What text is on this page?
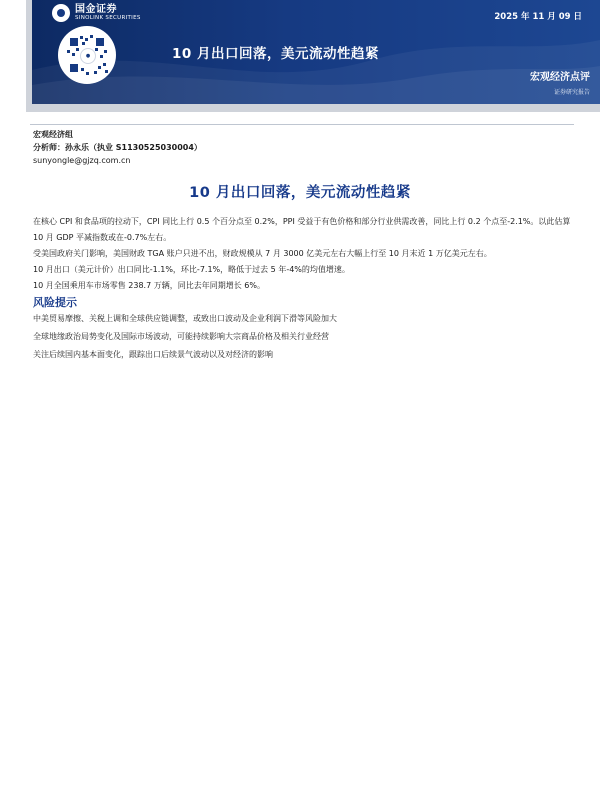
国金证券
SINOLINK SECURITIES	2025 年 11 月 09 日
●	10 月出口回落，美元流动性趋紧
宏观经济点评
证券研究报告
宏观经济组
分析师：孙永乐（执业 S1130525030004）
sunyongle@gjzq.com.cn
10 月出口回落，美元流动性趋紧

在核心 CPI 和食品项的拉动下，CPI 同比上行 0.5 个百分点至 0.2%，PPI 受益于有色价格和部分行业供需改善，同比上行 0.2 个点至-2.1%。以此估算 10 月 GDP 平减指数或在-0.7%左右。

受美国政府关门影响，美国财政 TGA 账户只进不出，财政规模从 7 月 3000 亿美元左右大幅上行至 10 月末近 1 万亿美元左右。

10 月出口（美元计价）出口同比-1.1%，环比-7.1%，略低于过去 5 年-4%的均值增速。

10 月全国乘用车市场零售 238.7 万辆，同比去年同期增长 6%。

风险提示

中美贸易摩擦、关税上调和全球供应链调整，或致出口波动及企业利润下滑等风险加大

全球地缘政治局势变化及国际市场波动，可能持续影响大宗商品价格及相关行业经营

关注后续国内基本面变化，跟踪出口后续景气波动以及对经济的影响
